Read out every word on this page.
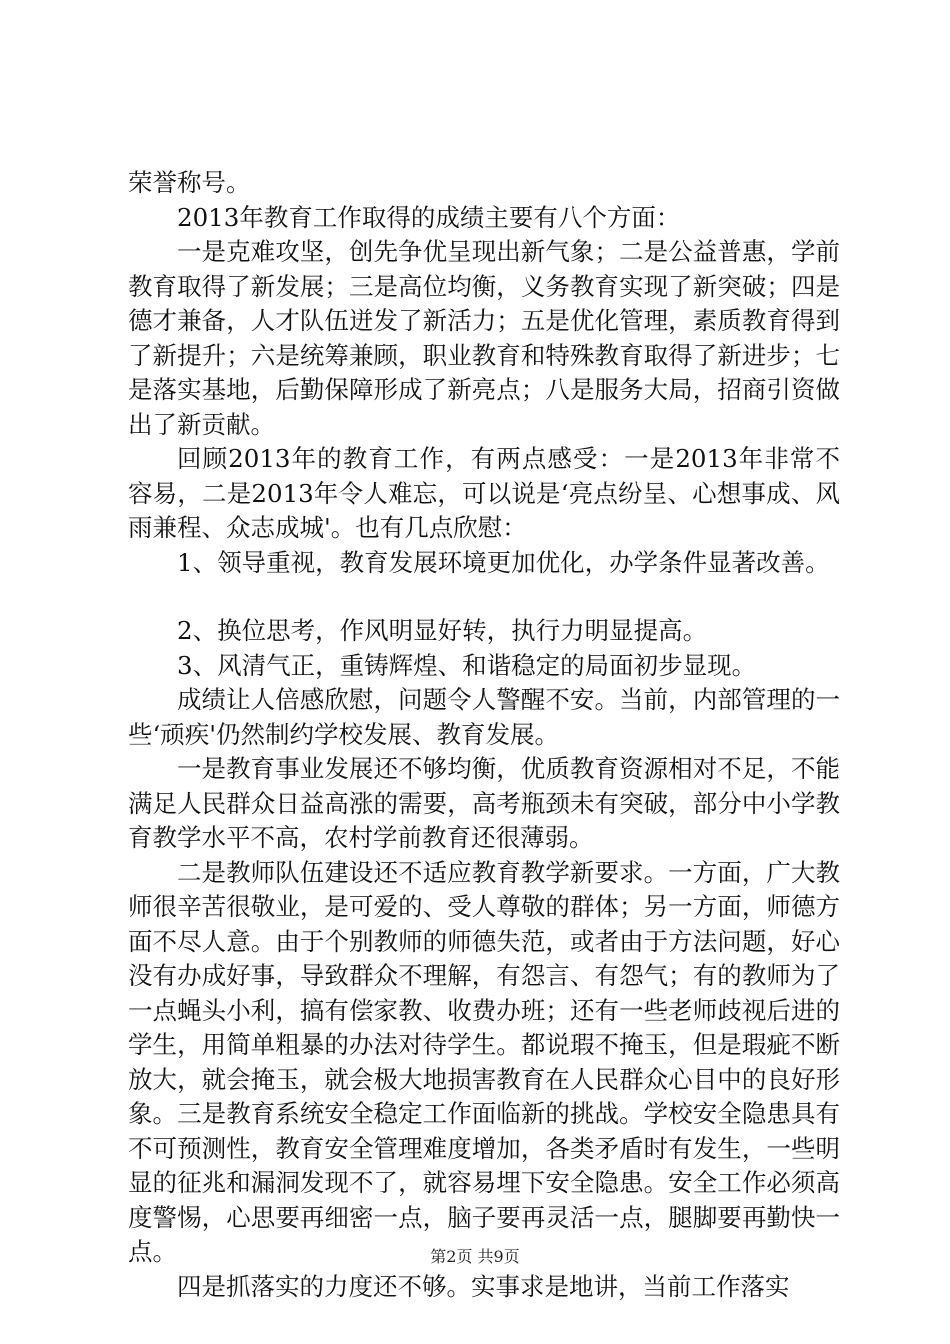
荣誉称号。

2013年教育工作取得的成绩主要有八个方面：

一是克难攻坚，创先争优呈现出新气象；二是公益普惠，学前教育取得了新发展；三是高位均衡，义务教育实现了新突破；四是德才兼备，人才队伍迸发了新活力；五是优化管理，素质教育得到了新提升；六是统筹兼顾，职业教育和特殊教育取得了新进步；七是落实基地，后勤保障形成了新亮点；八是服务大局，招商引资做出了新贡献。

回顾2013年的教育工作，有两点感受：一是2013年非常不容易，二是2013年令人难忘，可以说是‘亮点纷呈、心想事成、风雨兼程、众志成城'。也有几点欣慰：

1、领导重视，教育发展环境更加优化，办学条件显著改善。

2、换位思考，作风明显好转，执行力明显提高。

3、风清气正，重铸辉煌、和谐稳定的局面初步显现。

成绩让人倍感欣慰，问题令人警醒不安。当前，内部管理的一些‘顽疾'仍然制约学校发展、教育发展。

一是教育事业发展还不够均衡，优质教育资源相对不足，不能满足人民群众日益高涨的需要，高考瓶颈未有突破，部分中小学教育教学水平不高，农村学前教育还很薄弱。

二是教师队伍建设还不适应教育教学新要求。一方面，广大教师很辛苦很敬业，是可爱的、受人尊敬的群体；另一方面，师德方面不尽人意。由于个别教师的师德失范，或者由于方法问题，好心没有办成好事，导致群众不理解，有怨言、有怨气；有的教师为了一点蝇头小利，搞有偿家教、收费办班；还有一些老师歧视后进的学生，用简单粗暴的办法对待学生。都说瑕不掩玉，但是瑕疵不断放大，就会掩玉，就会极大地损害教育在人民群众心目中的良好形象。三是教育系统安全稳定工作面临新的挑战。学校安全隐患具有不可预测性，教育安全管理难度增加，各类矛盾时有发生，一些明显的征兆和漏洞发现不了，就容易埋下安全隐患。安全工作必须高度警惕，心思要再细密一点，脑子要再灵活一点，腿脚要再勤快一点。

四是抓落实的力度还不够。实事求是地讲，当前工作落实

第2页 共9页
